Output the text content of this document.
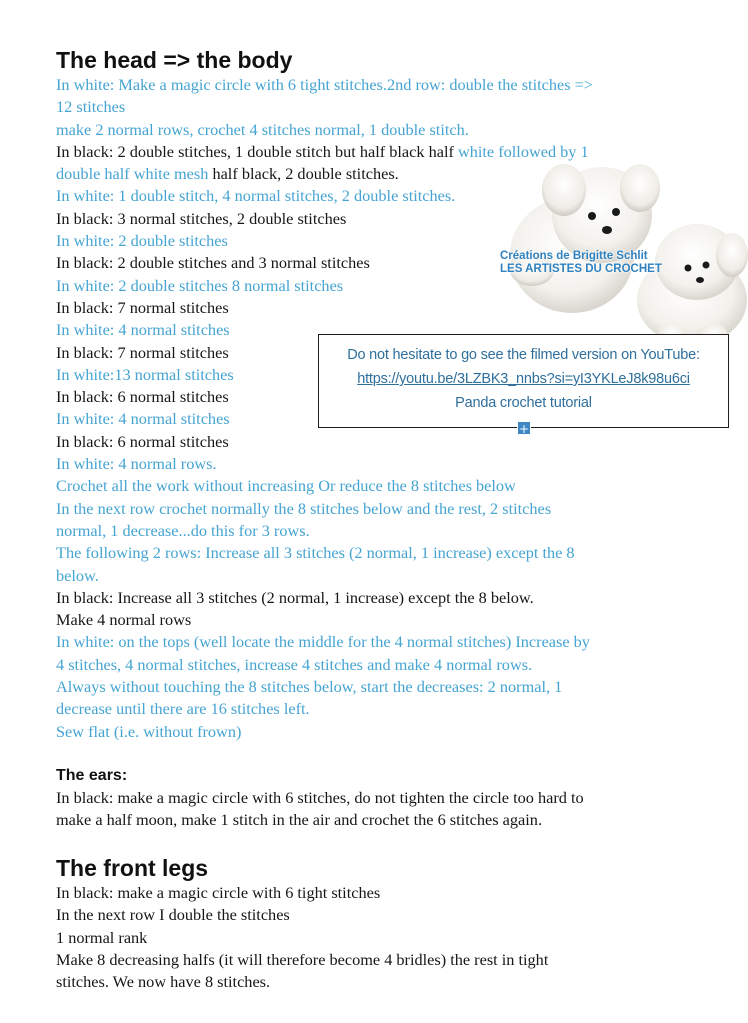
The head => the body

In white: Make a magic circle with 6 tight stitches.2nd row: double the stitches =>

12 stitches

make 2 normal rows, crochet 4 stitches normal, 1 double stitch.

In black: 2 double stitches, 1 double stitch but half black half white followed by 1

double half white mesh half black, 2 double stitches.

In white: 1 double stitch, 4 normal stitches, 2 double stitches.

In black: 3 normal stitches, 2 double stitches

In white: 2 double stitches

In black: 2 double stitches and 3 normal stitches

In white: 2 double stitches 8 normal stitches

In black: 7 normal stitches

In white: 4 normal stitches

In black: 7 normal stitches

In white:13 normal stitches

In black: 6 normal stitches

In white: 4 normal stitches

In black: 6 normal stitches

In white: 4 normal rows.

Crochet all the work without increasing Or reduce the 8 stitches below

In the next row crochet normally the 8 stitches below and the rest, 2 stitches

normal, 1 decrease...do this for 3 rows.

The following 2 rows: Increase all 3 stitches (2 normal, 1 increase) except the 8

below.

In black: Increase all 3 stitches (2 normal, 1 increase) except the 8 below.

Make 4 normal rows

In white: on the tops (well locate the middle for the 4 normal stitches) Increase by

4 stitches, 4 normal stitches, increase 4 stitches and make 4 normal rows.

Always without touching the 8 stitches below, start the decreases: 2 normal, 1

decrease until there are 16 stitches left.

Sew flat (i.e. without frown)

The ears:

In black: make a magic circle with 6 stitches, do not tighten the circle too hard to

make a half moon, make 1 stitch in the air and crochet the 6 stitches again.

The front legs

In black: make a magic circle with 6 tight stitches

In the next row I double the stitches

1 normal rank

Make 8 decreasing halfs (it will therefore become 4 bridles) the rest in tight

stitches. We now have 8 stitches.

Créations de Brigitte Schlit
LES ARTISTES DU CROCHET
Do not hesitate to go see the filmed version on YouTube:
https://youtu.be/3LZBK3_nnbs?si=yI3YKLeJ8k98u6ci
Panda crochet tutorial
+
